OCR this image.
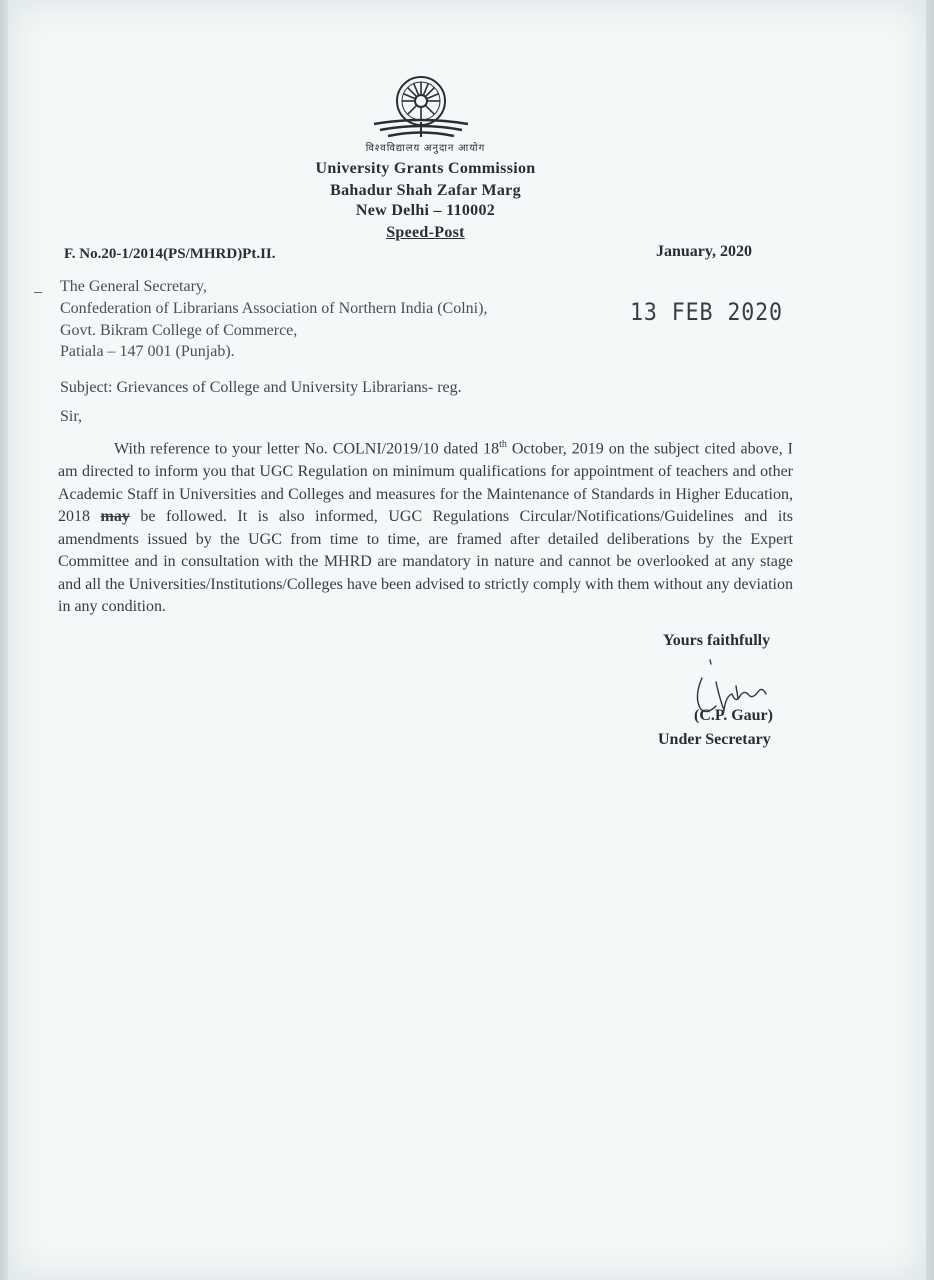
विश्वविद्यालय अनुदान आयोग
University Grants Commission
Bahadur Shah Zafar Marg
New Delhi – 110002
Speed-Post
F. No.20-1/2014(PS/MHRD)Pt.II.	January, 2020
13 FEB 2020
The General Secretary,
Confederation of Librarians Association of Northern India (Colni),
Govt. Bikram College of Commerce,
Patiala – 147 001 (Punjab).
Subject: Grievances of College and University Librarians- reg.
Sir,
With reference to your letter No. COLNI/2019/10 dated 18th October, 2019 on the subject cited above, I am directed to inform you that UGC Regulation on minimum qualifications for appointment of teachers and other Academic Staff in Universities and Colleges and measures for the Maintenance of Standards in Higher Education, 2018 may be followed. It is also informed, UGC Regulations Circular/Notifications/Guidelines and its amendments issued by the UGC from time to time, are framed after detailed deliberations by the Expert Committee and in consultation with the MHRD are mandatory in nature and cannot be overlooked at any stage and all the Universities/Institutions/Colleges have been advised to strictly comply with them without any deviation in any condition.
Yours faithfully
(C.P. Gaur)
Under Secretary
